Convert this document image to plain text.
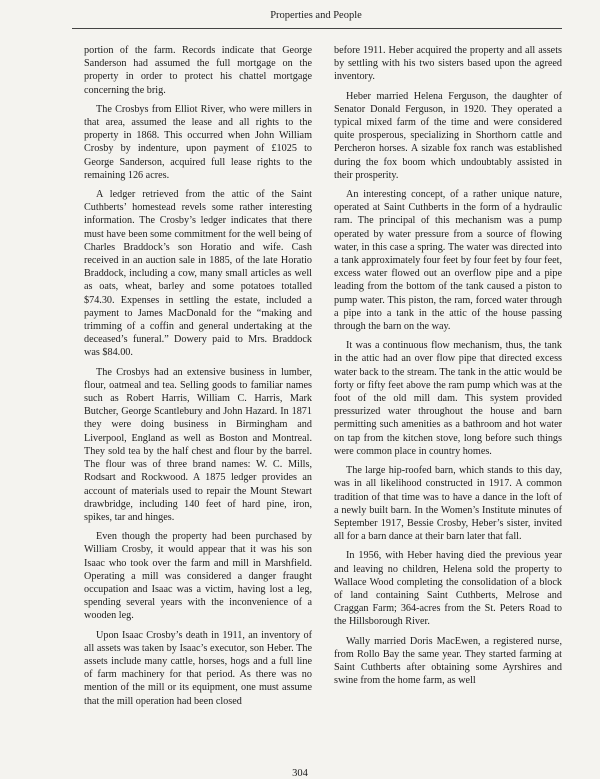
Properties and People

portion of the farm. Records indicate that George Sanderson had assumed the full mortgage on the property in order to protect his chattel mortgage concerning the brig.

The Crosbys from Elliot River, who were millers in that area, assumed the lease and all rights to the property in 1868. This occurred when John William Crosby by indenture, upon payment of £1025 to George Sanderson, acquired full lease rights to the remaining 126 acres.

A ledger retrieved from the attic of the Saint Cuthberts’ homestead revels some rather interesting information. The Crosby’s ledger indicates that there must have been some commitment for the well being of Charles Braddock’s son Horatio and wife. Cash received in an auction sale in 1885, of the late Horatio Braddock, including a cow, many small articles as well as oats, wheat, barley and some potatoes totalled $74.30. Expenses in settling the estate, included a payment to James MacDonald for the “making and trimming of a coffin and general undertaking at the deceased’s funeral.” Dowery paid to Mrs. Braddock was $84.00.

The Crosbys had an extensive business in lumber, flour, oatmeal and tea. Selling goods to familiar names such as Robert Harris, William C. Harris, Mark Butcher, George Scantlebury and John Hazard. In 1871 they were doing business in Birmingham and Liverpool, England as well as Boston and Montreal. They sold tea by the half chest and flour by the barrel. The flour was of three brand names: W. C. Mills, Rodsart and Rockwood. A 1875 ledger provides an account of materials used to repair the Mount Stewart drawbridge, including 140 feet of hard pine, iron, spikes, tar and hinges.

Even though the property had been purchased by William Crosby, it would appear that it was his son Isaac who took over the farm and mill in Marshfield. Operating a mill was considered a danger fraught occupation and Isaac was a victim, having lost a leg, spending several years with the inconvenience of a wooden leg.

Upon Isaac Crosby’s death in 1911, an inventory of all assets was taken by Isaac’s executor, son Heber. The assets include many cattle, horses, hogs and a full line of farm machinery for that period. As there was no mention of the mill or its equipment, one must assume that the mill operation had been closed

before 1911. Heber acquired the property and all assets by settling with his two sisters based upon the agreed inventory.

Heber married Helena Ferguson, the daughter of Senator Donald Ferguson, in 1920. They operated a typical mixed farm of the time and were considered quite prosperous, specializing in Shorthorn cattle and Percheron horses. A sizable fox ranch was established during the fox boom which undoubtably assisted in their prosperity.

An interesting concept, of a rather unique nature, operated at Saint Cuthberts in the form of a hydraulic ram. The principal of this mechanism was a pump operated by water pressure from a source of flowing water, in this case a spring. The water was directed into a tank approximately four feet by four feet by four feet, excess water flowed out an overflow pipe and a pipe leading from the bottom of the tank caused a piston to pump water. This piston, the ram, forced water through a pipe into a tank in the attic of the house passing through the barn on the way.

It was a continuous flow mechanism, thus, the tank in the attic had an over flow pipe that directed excess water back to the stream. The tank in the attic would be forty or fifty feet above the ram pump which was at the foot of the old mill dam. This system provided pressurized water throughout the house and barn permitting such amenities as a bathroom and hot water on tap from the kitchen stove, long before such things were common place in country homes.

The large hip-roofed barn, which stands to this day, was in all likelihood constructed in 1917. A common tradition of that time was to have a dance in the loft of a newly built barn. In the Women’s Institute minutes of September 1917, Bessie Crosby, Heber’s sister, invited all for a barn dance at their barn later that fall.

In 1956, with Heber having died the previous year and leaving no children, Helena sold the property to Wallace Wood completing the consolidation of a block of land containing Saint Cuthberts, Melrose and Craggan Farm; 364-acres from the St. Peters Road to the Hillsborough River.

Wally married Doris MacEwen, a registered nurse, from Rollo Bay the same year. They started farming at Saint Cuthberts after obtaining some Ayrshires and swine from the home farm, as well

304
